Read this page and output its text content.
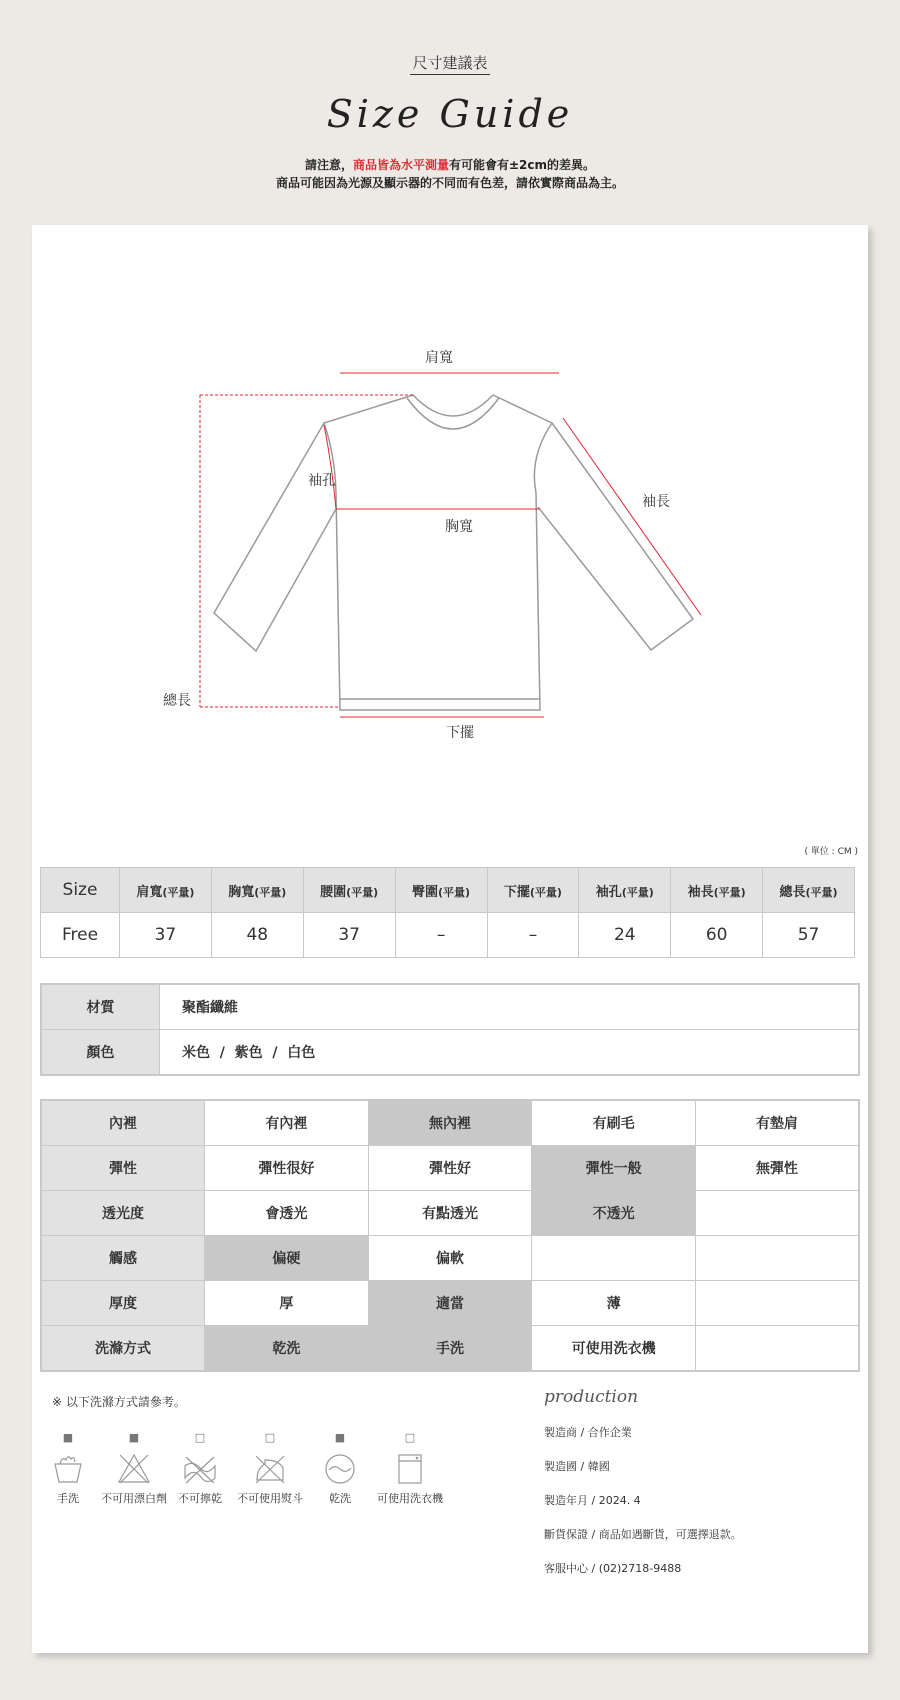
尺寸建議表
Size Guide
請注意，商品皆為水平測量有可能會有±2cm的差異。
商品可能因為光源及顯示器的不同而有色差，請依實際商品為主。
肩寬
袖孔
胸寬
袖長
總長
下擺
( 單位 : CM )
Size	肩寬(平量)	胸寬(平量)	腰圍(平量)	臀圍(平量)	下擺(平量)	袖孔(平量)	袖長(平量)	總長(平量)
Free	37	48	37	–	–	24	60	57
材質	聚酯纖維
顏色	米色  /  紫色  /  白色
內裡	有內裡	無內裡	有刷毛	有墊肩
彈性	彈性很好	彈性好	彈性一般	無彈性
透光度	會透光	有點透光	不透光	
觸感	偏硬	偏軟		
厚度	厚	適當	薄	
洗滌方式	乾洗	手洗	可使用洗衣機	
※ 以下洗滌方式請參考。
■
手洗
■
不可用漂白劑
□
不可擰乾
□
不可使用熨斗
■
乾洗
□
可使用洗衣機
production
製造商 / 合作企業
製造國 / 韓國
製造年月 / 2024. 4
斷貨保證 / 商品如遇斷貨，可選擇退款。
客服中心 / (02)2718-9488
